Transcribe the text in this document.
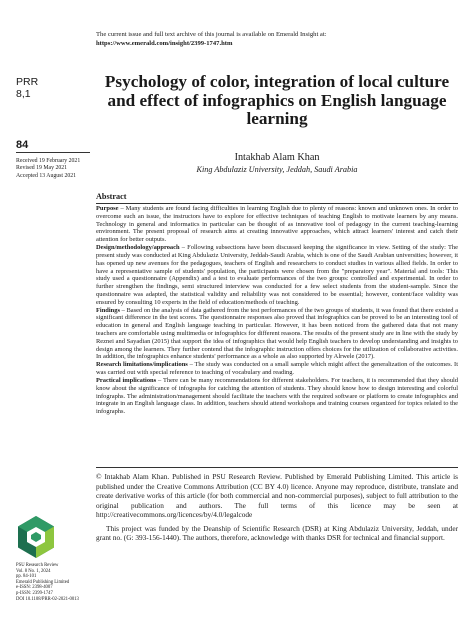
The current issue and full text archive of this journal is available on Emerald Insight at:
https://www.emerald.com/insight/2399-1747.htm
PRR
8,1
84
Received 19 February 2021
Revised 19 May 2021
Accepted 13 August 2021
Psychology of color, integration of local culture and effect of infographics on English language learning
Intakhab Alam Khan
King Abdulaziz University, Jeddah, Saudi Arabia
Abstract

Purpose – Many students are found facing difficulties in learning English due to plenty of reasons: known and unknown ones. In order to overcome such an issue, the instructors have to explore for effective techniques of teaching English to motivate learners by any means. Technology in general and informatics in particular can be thought of as innovative tool of pedagogy in the current teaching-learning environment. The present proposal of research aims at creating innovative approaches, which attract learners' interest and catch their attention for better outputs.

Design/methodology/approach – Following subsections have been discussed keeping the significance in view. Setting of the study: The present study was conducted at King Abdulaziz University, Jeddah-Saudi Arabia, which is one of the Saudi Arabian universities; however, it has opened up new avenues for the pedagogues, teachers of English and researchers to conduct studies in various allied fields. In order to have a representative sample of students' population, the participants were chosen from the "preparatory year". Material and tools: This study used a questionnaire (Appendix) and a test to evaluate performances of the two groups: controlled and experimental. In order to further strengthen the findings, semi structured interview was conducted for a few select students from the student-sample. Since the questionnaire was adapted, the statistical validity and reliability was not considered to be essential; however, content/face validity was ensured by consulting 10 experts in the field of education/methods of teaching.

Findings – Based on the analysis of data gathered from the test performances of the two groups of students, it was found that there existed a significant difference in the test scores. The questionnaire responses also proved that infographics can be proved to be an interesting tool of education in general and English language teaching in particular. However, it has been noticed from the gathered data that not many teachers are comfortable using multimedia or infographics for different reasons. The results of the present study are in line with the study by Reznei and Sayadian (2015) that support the idea of infographics that would help English teachers to develop understanding and insights to design among the learners. They further contend that the infographic instruction offers choices for the utilization of collaborative activities. In addition, the infographics enhance students' performance as a whole as also supported by Alrwele (2017).

Research limitations/implications – The study was conducted on a small sample which might affect the generalization of the outcomes. It was carried out with special reference to teaching of vocabulary and reading.

Practical implications – There can be many recommendations for different stakeholders. For teachers, it is recommended that they should know about the significance of infographs for catching the attention of students. They should know how to design interesting and colorful infographs. The administration/management should facilitate the teachers with the required software or platform to create infographics and integrate in an English language class. In addition, teachers should attend workshops and training courses organized for topics related to the infographs.

© Intakhab Alam Khan. Published in PSU Research Review. Published by Emerald Publishing Limited. This article is published under the Creative Commons Attribution (CC BY 4.0) licence. Anyone may reproduce, distribute, translate and create derivative works of this article (for both commercial and non-commercial purposes), subject to full attribution to the original publication and authors. The full terms of this licence may be seen at http://creativecommons.org/licences/by/4.0/legalcode

This project was funded by the Deanship of Scientific Research (DSR) at King Abdulaziz University, Jeddah, under grant no. (G: 393-156-1440). The authors, therefore, acknowledge with thanks DSR for technical and financial support.

PSU Research Review
Vol. 8 No. 1, 2024
pp. 84-101
Emerald Publishing Limited
e-ISSN: 2398-4007
p-ISSN: 2399-1747
DOI 10.1108/PRR-02-2021-0013
